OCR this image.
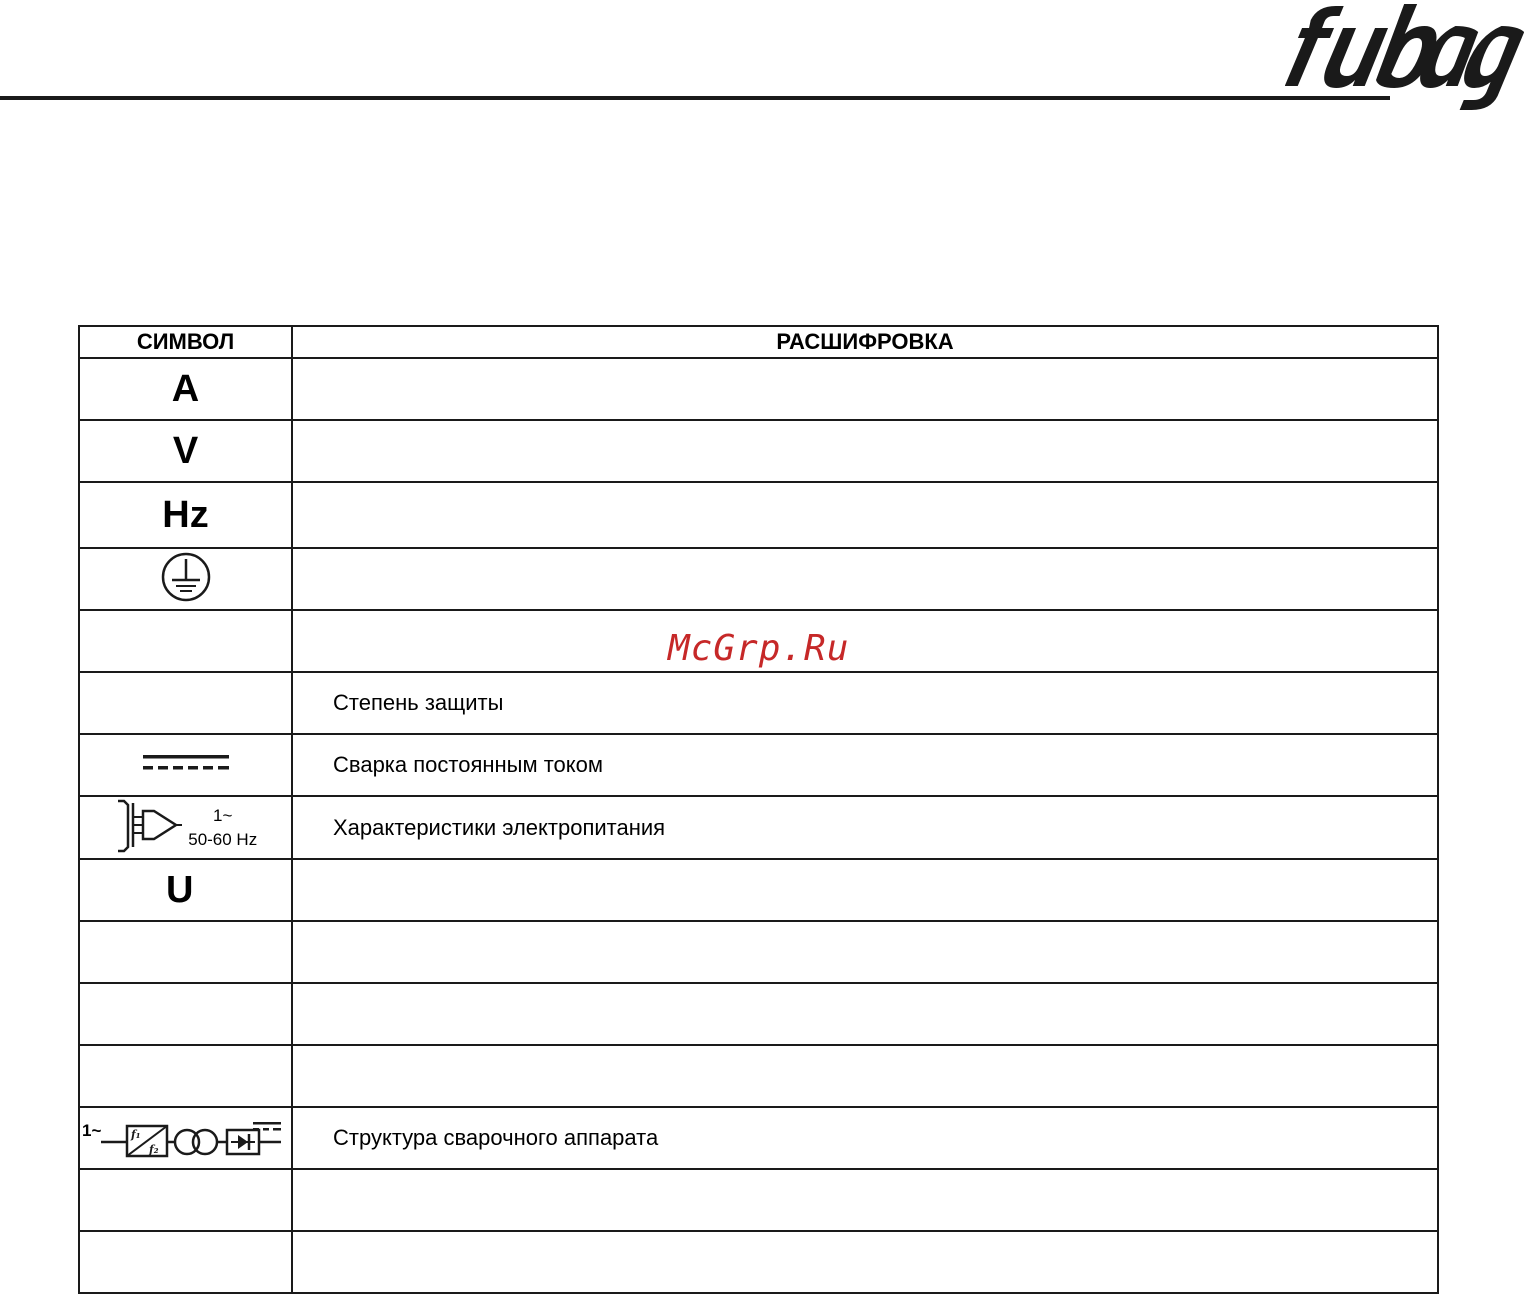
СИМВОЛ	РАСШИФРОВКА
A	
V	
Hz	

	Степень защиты
	Сварка постоянным током
1~
50-60 Hz	Характеристики электропитания
U	

1~ f₁
f₂	Структура сварочного аппарата

McGrp.Ru
